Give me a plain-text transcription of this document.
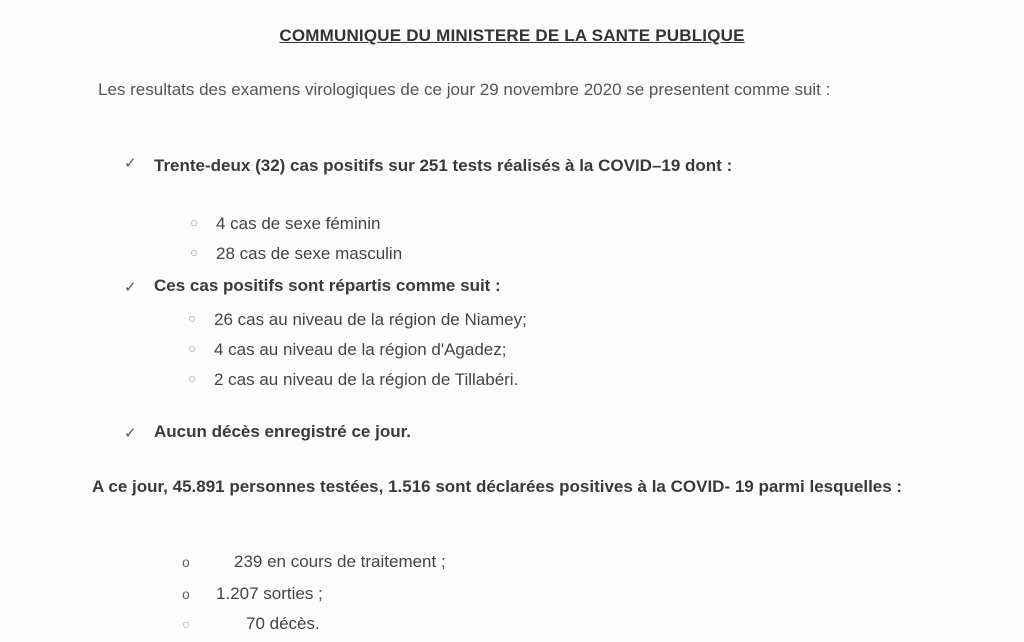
COMMUNIQUE DU MINISTERE DE LA SANTE PUBLIQUE
Les resultats des examens virologiques de ce jour 29 novembre 2020 se presentent comme suit :
✓ Trente-deux (32) cas positifs sur 251 tests réalisés à la COVID–19 dont :
○ 4 cas de sexe féminin
○ 28 cas de sexe masculin
✓ Ces cas positifs sont répartis comme suit :
○ 26 cas au niveau de la région de Niamey;
○ 4 cas au niveau de la région d'Agadez;
○ 2 cas au niveau de la région de Tillabéri.
✓ Aucun décès enregistré ce jour.
A ce jour, 45.891 personnes testées, 1.516 sont déclarées positives à la COVID- 19 parmi lesquelles :
o	239 en cours de traitement ;
o 1.207 sorties ;
○	70 décès.
